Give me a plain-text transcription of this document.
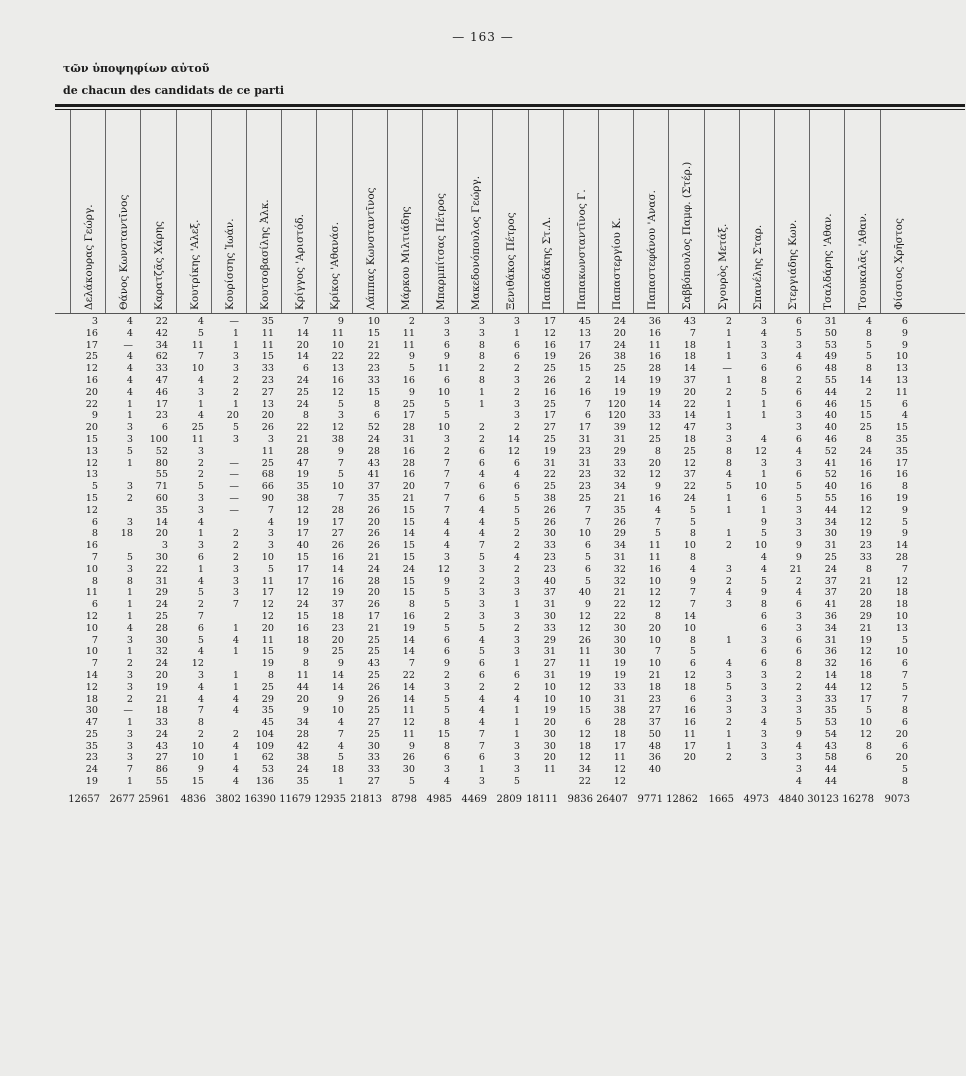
— 163 —
τῶν ὑποψηφίων αὐτοῦ
de chacun des candidats de ce parti
Δελάκουρας Γεώργ.
3
16
17
25
12
16
20
22
9
20
15
13
12
13
5
15
12
6
8
16
7
10
8
11
6
12
10
7
10
7
14
12
18
30
47
25
35
23
24
19
12657
Θάνος Κωνσταντῖνος
4
4
—
4
4
4
4
1
1
3
3
5
1
3
2
3
18
5
3
8
1
1
1
4
3
1
2
3
3
2
—
1
3
3
3
7
1
2677
Καρατζᾶς Χάρης
22
42
34
62
33
47
46
17
23
6
100
52
80
55
71
60
35
14
20
3
30
22
31
29
24
25
28
30
32
24
20
19
21
18
33
24
43
27
86
55
25961
Κουτρίκης 'Αλεξ.
4
5
11
7
10
4
3
1
4
25
11
3
2
2
5
3
3
4
1
3
6
1
4
5
2
7
6
5
4
12
3
4
4
7
8
2
10
10
9
15
4836
Κουρίσσης Ἰωάν.
—
1
1
3
3
2
2
1
20
5
3
—
—
—
—
—
2
2
2
3
3
3
7
1
4
1
1
1
4
4
2
4
1
4
4
3802
Κουτσοβασίλης Ἀλκ.
35
11
11
15
33
23
27
13
20
26
3
11
25
68
66
90
7
4
3
3
10
5
11
17
12
12
20
11
15
19
8
25
29
35
45
104
109
62
53
136
16390
Κρίγγος 'Αριστόδ.
7
14
20
14
6
24
25
24
8
22
21
28
47
19
35
38
12
19
17
40
15
17
17
12
24
15
16
18
9
8
11
44
20
9
34
28
42
38
24
35
11679
Κρίκος 'Αθανάσ.
9
11
10
22
13
16
12
5
3
12
38
9
7
5
10
7
28
17
27
26
16
14
16
19
37
18
23
20
25
9
14
14
9
10
4
7
4
5
18
1
12935
Λάππας Κωνσταντῖνος
10
15
21
22
23
33
15
8
6
52
24
28
43
41
37
35
26
20
26
26
21
24
28
20
26
17
21
25
25
43
25
26
26
25
27
25
30
33
33
27
21813
Μάρκου Μιλτιάδης
2
11
11
9
5
16
9
25
17
28
31
16
28
16
20
21
15
15
14
15
15
24
15
15
8
16
19
14
14
7
22
14
14
11
12
11
9
26
30
5
8798
Μπαρμπίτσας Πέτρος
3
3
6
9
11
6
10
5
5
10
3
2
7
7
7
7
7
4
4
4
3
12
9
5
5
2
5
6
6
9
2
3
5
5
8
15
8
6
3
4
4985
Μακεδονόπουλος Γεώργ.
3
3
8
8
2
8
1
1
2
2
6
6
4
6
6
4
4
4
7
5
3
2
3
3
3
5
4
5
6
6
2
4
4
4
7
7
6
1
3
4469
Ξενιθάκος Πέτρος
3
1
6
6
2
3
2
3
3
2
14
12
6
4
6
5
5
5
2
2
4
2
3
3
1
3
2
3
3
1
6
2
4
1
1
1
3
3
3
5
2809
Παπαδάκης Στ.Λ.
17
12
16
19
25
26
16
25
17
27
25
19
31
22
25
38
26
26
30
33
23
23
40
37
31
30
33
29
31
27
31
10
10
19
20
30
30
20
11
18111
Παπακωνσταντῖνος Γ.
45
13
17
26
15
2
16
7
6
17
31
23
31
23
23
25
7
7
10
6
5
6
5
40
9
12
12
26
11
11
19
12
10
15
6
12
18
12
34
22
9836
Παπαστεργίου Κ.
24
20
24
38
25
14
19
120
120
39
31
29
33
32
34
21
35
26
29
34
31
32
32
21
22
22
30
30
30
19
19
33
31
38
28
18
17
11
12
12
26407
Παπαστεφάνου 'Ανασ.
36
16
11
16
28
19
19
14
33
12
25
8
20
12
9
16
4
7
5
11
11
16
10
12
12
8
20
10
7
10
21
18
23
27
37
50
48
36
40
9771
Σαββόπουλος Παμφ. (Στέρ.)
43
7
18
18
14
37
20
22
14
47
18
25
12
37
22
24
5
5
8
10
8
4
9
7
7
14
10
8
5
6
12
18
6
16
16
11
17
20
12862
Σγουρὸς Μετάξ.
2
1
1
1
—
1
2
1
1
3
3
8
8
4
5
1
1
1
2
3
2
4
3
1
4
3
5
3
3
2
1
1
2
1665
Σπανέλης Σταρ.
3
4
3
3
6
8
5
1
1
4
12
3
1
10
6
1
9
5
10
4
4
5
9
8
6
6
3
6
6
3
3
3
3
4
3
3
3
4973
Στεργιάδης Κων.
6
5
3
4
6
2
6
6
3
3
6
4
3
6
5
5
3
3
3
9
9
21
2
4
6
3
3
6
6
8
2
2
3
3
5
9
4
3
3
4
4840
Τσαλδάρης 'Αθαν.
31
50
53
49
48
55
44
46
40
40
46
52
41
52
40
55
44
34
30
31
25
24
37
37
41
36
34
31
36
32
14
44
33
35
53
54
43
58
44
44
30123
Τσουκαλᾶς 'Αθαν.
4
8
5
5
8
14
2
15
15
25
8
24
16
16
16
16
12
12
19
23
33
8
21
20
28
29
21
19
12
16
18
12
17
5
10
12
8
6
16278
Φίσσιος Χρῆστος
6
9
9
10
13
13
11
6
4
15
35
35
17
16
8
19
9
5
9
14
28
7
12
18
18
10
13
5
10
6
7
5
7
8
6
20
6
20
5
8
9073
